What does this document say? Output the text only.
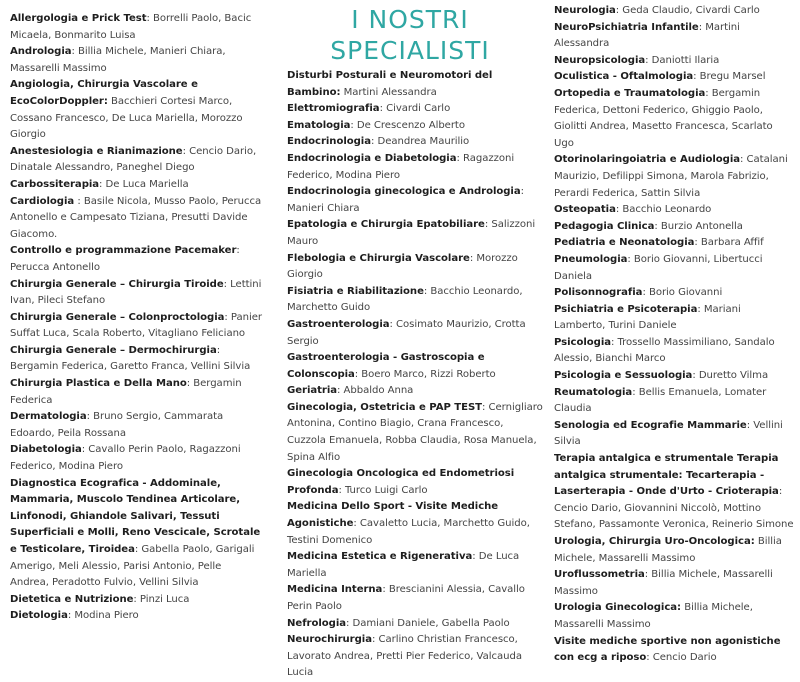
I NOSTRI
SPECIALISTI

Allergologia e Prick Test: Borrelli Paolo, Bacic Micaela, Bonmarito Luisa

Andrologia: Billia Michele, Manieri Chiara, Massarelli Massimo

Angiologia, Chirurgia Vascolare e EcoColorDoppler: Bacchieri Cortesi Marco, Cossano Francesco, De Luca Mariella, Morozzo Giorgio

Anestesiologia e Rianimazione: Cencio Dario, Dinatale Alessandro, Paneghel Diego

Carbossiterapia: De Luca Mariella

Cardiologia : Basile Nicola, Musso Paolo, Perucca Antonello e Campesato Tiziana, Presutti Davide Giacomo.

Controllo e programmazione Pacemaker: Perucca Antonello

Chirurgia Generale – Chirurgia Tiroide: Lettini Ivan, Pileci Stefano

Chirurgia Generale – Colonproctologia: Panier Suffat Luca, Scala Roberto, Vitagliano Feliciano

Chirurgia Generale – Dermochirurgia: Bergamin Federica, Garetto Franca, Vellini Silvia

Chirurgia Plastica e Della Mano: Bergamin Federica

Dermatologia: Bruno Sergio, Cammarata Edoardo, Peila Rossana

Diabetologia: Cavallo Perin Paolo, Ragazzoni Federico, Modina Piero

Diagnostica Ecografica - Addominale, Mammaria, Muscolo Tendinea Articolare, Linfonodi, Ghiandole Salivari, Tessuti Superficiali e Molli, Reno Vescicale, Scrotale e Testicolare, Tiroidea: Gabella Paolo, Garigali Amerigo, Meli Alessio, Parisi Antonio, Pelle Andrea, Peradotto Fulvio, Vellini Silvia

Dietetica e Nutrizione: Pinzi Luca

Dietologia: Modina Piero

Disturbi Posturali e Neuromotori del Bambino: Martini Alessandra

Elettromiografia: Civardi Carlo

Ematologia: De Crescenzo Alberto

Endocrinologia: Deandrea Maurilio

Endocrinologia e Diabetologia: Ragazzoni Federico, Modina Piero

Endocrinologia ginecologica e Andrologia: Manieri Chiara

Epatologia e Chirurgia Epatobiliare: Salizzoni Mauro

Flebologia e Chirurgia Vascolare: Morozzo Giorgio

Fisiatria e Riabilitazione: Bacchio Leonardo, Marchetto Guido

Gastroenterologia: Cosimato Maurizio, Crotta Sergio

Gastroenterologia - Gastroscopia e Colonscopia: Boero Marco, Rizzi Roberto

Geriatria: Abbaldo Anna

Ginecologia, Ostetricia e PAP TEST: Cernigliaro Antonina, Contino Biagio, Crana Francesco, Cuzzola Emanuela, Robba Claudia, Rosa Manuela, Spina Alfio

Ginecologia Oncologica ed Endometriosi Profonda: Turco Luigi Carlo

Medicina Dello Sport - Visite Mediche Agonistiche: Cavaletto Lucia, Marchetto Guido, Testini Domenico

Medicina Estetica e Rigenerativa: De Luca Mariella

Medicina Interna: Brescianini Alessia, Cavallo Perin Paolo

Nefrologia: Damiani Daniele, Gabella Paolo

Neurochirurgia: Carlino Christian Francesco, Lavorato Andrea, Pretti Pier Federico, Valcauda Lucia

Neurologia: Geda Claudio, Civardi Carlo

NeuroPsichiatria Infantile: Martini Alessandra

Neuropsicologia: Daniotti Ilaria

Oculistica - Oftalmologia: Bregu Marsel

Ortopedia e Traumatologia: Bergamin Federica, Dettoni Federico, Ghiggio Paolo, Giolitti Andrea, Masetto Francesca, Scarlato Ugo

Otorinolaringoiatria e Audiologia: Catalani Maurizio, Defilippi Simona, Marola Fabrizio, Perardi Federica, Sattin Silvia

Osteopatia: Bacchio Leonardo

Pedagogia Clinica: Burzio Antonella

Pediatria e Neonatologia: Barbara Affif

Pneumologia: Borio Giovanni, Libertucci Daniela

Polisonnografia: Borio Giovanni

Psichiatria e Psicoterapia: Mariani Lamberto, Turini Daniele

Psicologia: Trossello Massimiliano, Sandalo Alessio, Bianchi Marco

Psicologia e Sessuologia: Duretto Vilma

Reumatologia: Bellis Emanuela, Lomater Claudia

Senologia ed Ecografie Mammarie: Vellini Silvia

Terapia antalgica e strumentale Terapia antalgica strumentale: Tecarterapia - Laserterapia - Onde d'Urto - Crioterapia: Cencio Dario, Giovannini Niccolò, Mottino Stefano, Passamonte Veronica, Reinerio Simone

Urologia, Chirurgia Uro-Oncologica: Billia Michele, Massarelli Massimo

Uroflussometria: Billia Michele, Massarelli Massimo

Urologia Ginecologica: Billia Michele, Massarelli Massimo

Visite mediche sportive non agonistiche con ecg a riposo: Cencio Dario
